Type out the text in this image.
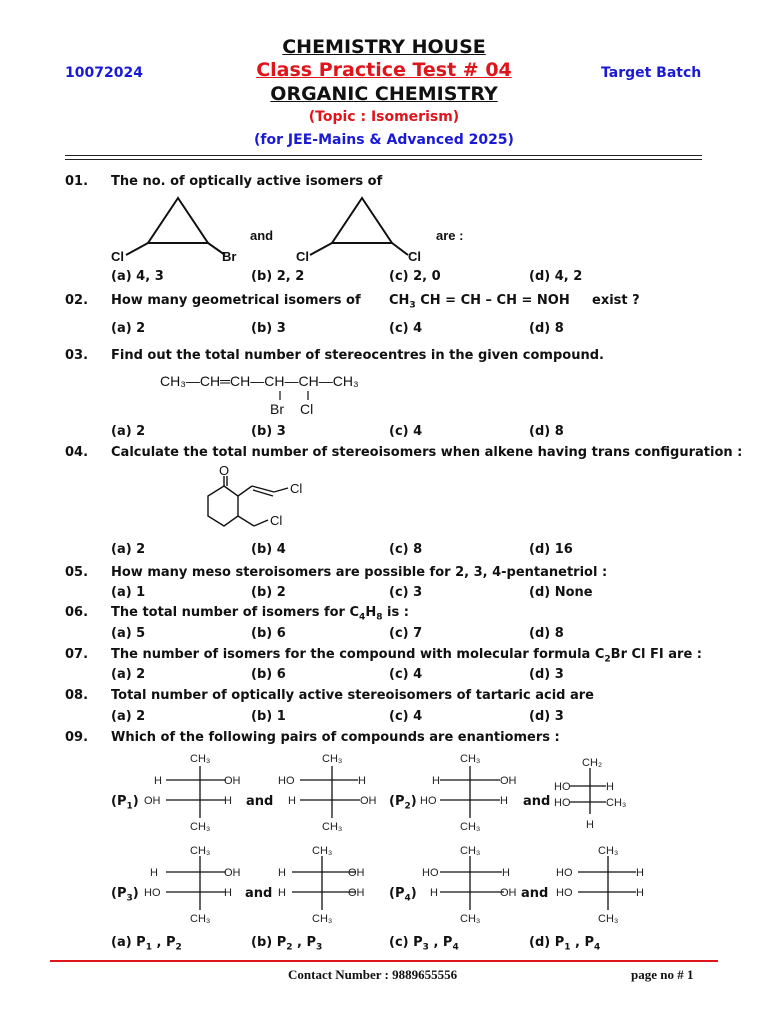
CHEMISTRY HOUSE
Class Practice Test # 04
ORGANIC CHEMISTRY
(Topic : Isomerism)
(for JEE-Mains & Advanced 2025)
10072024	Target Batch
01. The no. of optically active isomers of
Cl	Br	Cl	Cl
and	are :
(a) 4, 3	(b) 2, 2	(c) 2, 0	(d) 4, 2
02. How many geometrical isomers of $CH_3$ CH = CH – CH = NOH exist ?
(a) 2	(b) 3	(c) 4	(d) 8
03. Find out the total number of stereocentres in the given compound.
CH₃—CH═CH—CH—CH—CH₃
Br Cl
(a) 2	(b) 3	(c) 4	(d) 8
04. Calculate the total number of stereoisomers when alkene having trans configuration :
O
Cl
Cl
(a) 2	(b) 4	(c) 8	(d) 16
05. How many meso steroisomers are possible for 2, 3, 4-pentanetriol :
(a) 1	(b) 2	(c) 3	(d) None
06. The total number of isomers for $C_4H_8$ is :
(a) 5	(b) 6	(c) 7	(d) 8
07. The number of isomers for the compound with molecular formula $C_2Br$ Cl FI are :
(a) 2	(b) 6	(c) 4	(d) 3
08. Total number of optically active stereoisomers of tartaric acid are
(a) 2	(b) 1	(c) 4	(d) 3
09. Which of the following pairs of compounds are enantiomers :
CH₃
H	OH
OH	H
CH₃
CH₃
HO	H
H	OH
CH₃
CH₃
H	OH
HO	H
CH₃
CH₂
HO	H
HO	CH₃
H
CH₃
H	OH
HO	H
CH₃
CH₃
H	OH
H	OH
CH₃
CH₃
HO	H
H	OH
CH₃
CH₃
HO	H
HO	H
CH₃
$(P_1)$	and	$(P_2)$	and
$(P_3)$	and	$(P_4)$	and
(a) $P_1$ , $P_2$	(b) $P_2$ , $P_3$	(c) $P_3$ , $P_4$	(d) $P_1$ , $P_4$
Contact Number : 9889655556	page no # 1
